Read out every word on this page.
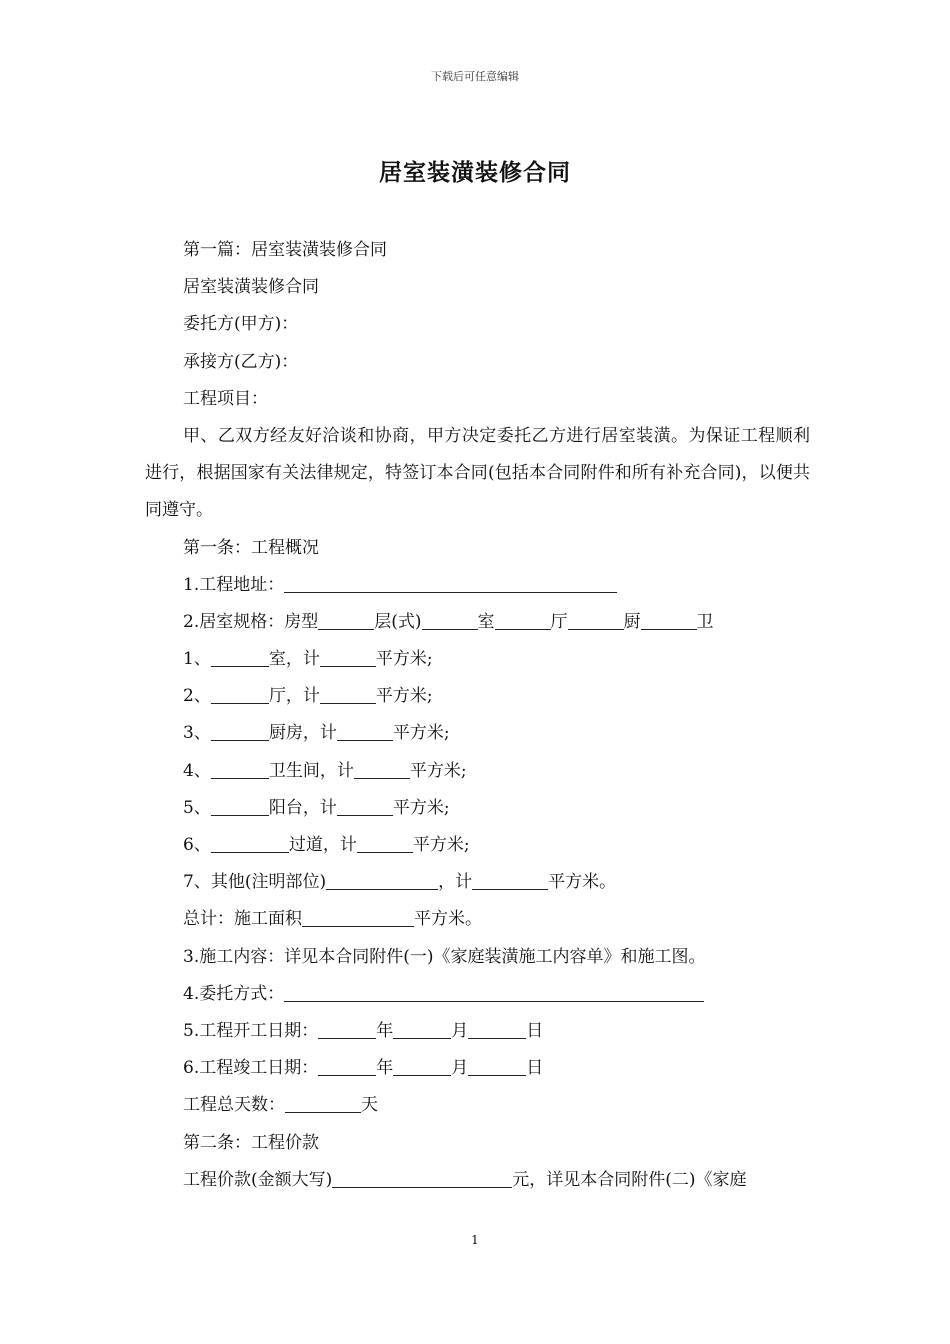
下载后可任意编辑
居室装潢装修合同
第一篇：居室装潢装修合同
居室装潢装修合同
委托方(甲方)：
承接方(乙方)：
工程项目：
甲、乙双方经友好洽谈和协商，甲方决定委托乙方进行居室装潢。为保证工程顺利进行，根据国家有关法律规定，特签订本合同(包括本合同附件和所有补充合同)，以便共同遵守。
第一条：工程概况
1.工程地址：
2.居室规格：房型	层(式)	室	厅	厨	卫
1、	室，计	平方米;
2、	厅，计	平方米;
3、	厨房，计	平方米;
4、	卫生间，计	平方米;
5、	阳台，计	平方米;
6、	过道，计	平方米;
7、其他(注明部位)	，计	平方米。
总计：施工面积	平方米。
3.施工内容：详见本合同附件(一)《家庭装潢施工内容单》和施工图。
4.委托方式：
5.工程开工日期：	年	月	日
6.工程竣工日期：	年	月	日
工程总天数：	天
第二条：工程价款
工程价款(金额大写)	元，详见本合同附件(二)《家庭
1
